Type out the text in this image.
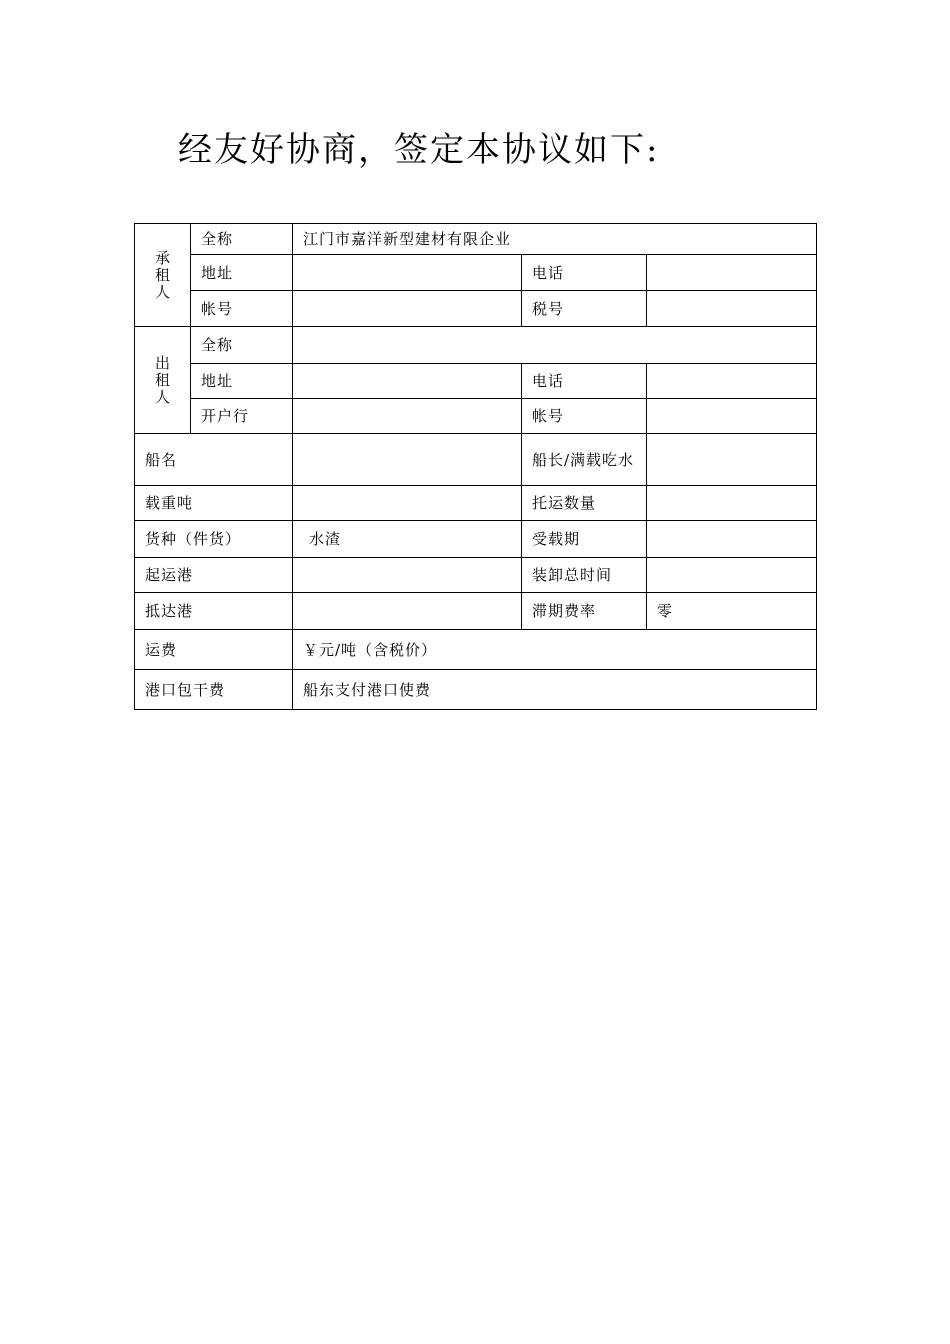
经友好协商，签定本协议如下:
承租人	全称	江门市嘉洋新型建材有限企业		
	地址		电话	
	帐号		税号	
出租人	全称			
	地址		电话	
	开户行		帐号	
船名			船长/满载吃水	
载重吨			托运数量	
货种（件货）		水渣	受载期	
起运港			装卸总时间	
抵达港			滞期费率	零
运费		￥元/吨（含税价）		
港口包干费		船东支付港口使费		
